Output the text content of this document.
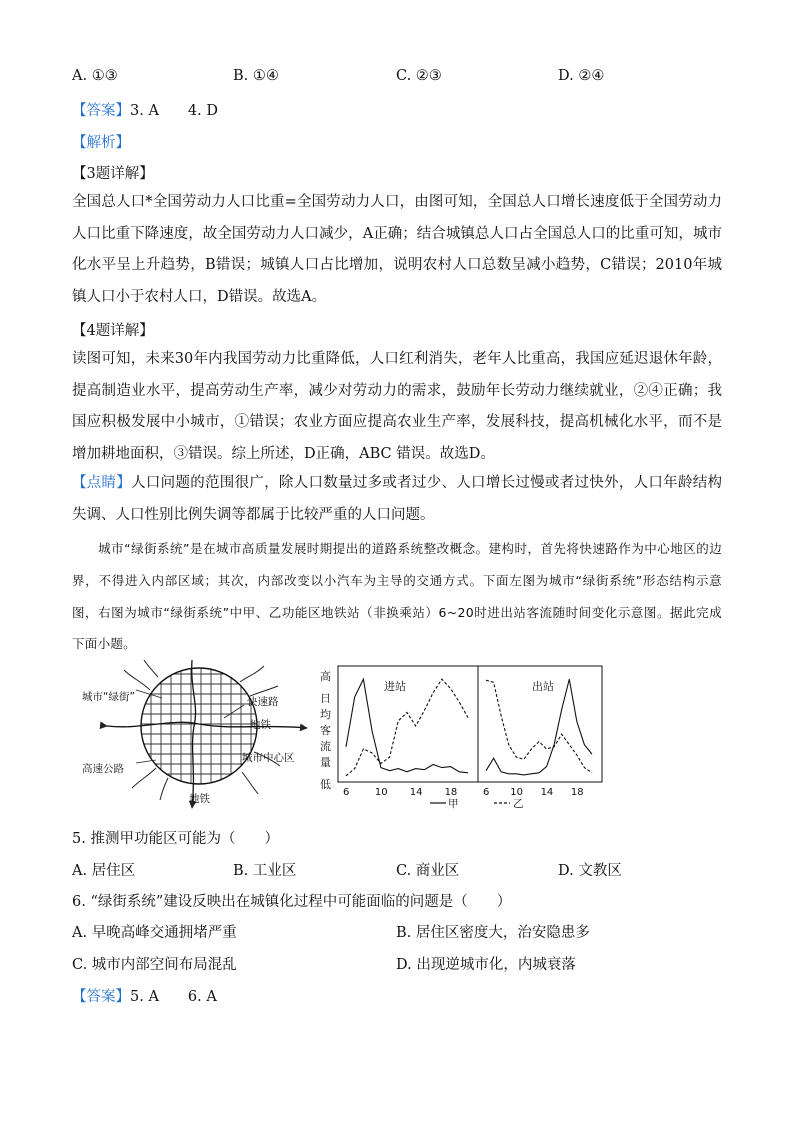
A. ①③	B. ①④	C. ②③	D. ②④
【答案】3. A　　4. D
【解析】
【3题详解】
全国总人口*全国劳动力人口比重=全国劳动力人口，由图可知，全国总人口增长速度低于全国劳动力人口比重下降速度，故全国劳动力人口减少，A正确；结合城镇总人口占全国总人口的比重可知，城市化水平呈上升趋势，B错误；城镇人口占比增加，说明农村人口总数呈减小趋势，C错误；2010年城镇人口小于农村人口，D错误。故选A。
【4题详解】
读图可知，未来30年内我国劳动力比重降低，人口红利消失，老年人比重高，我国应延迟退休年龄，提高制造业水平，提高劳动生产率，减少对劳动力的需求，鼓励年长劳动力继续就业，②④正确；我国应积极发展中小城市，①错误；农业方面应提高农业生产率，发展科技，提高机械化水平，而不是增加耕地面积，③错误。综上所述，D正确，ABC 错误。故选D。
【点睛】人口问题的范围很广，除人口数量过多或者过少、人口增长过慢或者过快外，人口年龄结构失调、人口性别比例失调等都属于比较严重的人口问题。
城市“绿街系统”是在城市高质量发展时期提出的道路系统整改概念。建构时，首先将快速路作为中心地区的边界，不得进入内部区域；其次，内部改变以小汽车为主导的交通方式。下面左图为城市“绿街系统”形态结构示意图，右图为城市“绿街系统”中甲、乙功能区地铁站（非换乘站）6~20时进出站客流随时间变化示意图。据此完成下面小题。
城市“绿街”	快速路
地铁
城市中心区
高速公路
地铁
高
日
均
客
流
量
低
进站
6	10 14 18
出站
6 10 14 18
甲	乙
5. 推测甲功能区可能为（　　）
A. 居住区	B. 工业区	C. 商业区	D. 文教区
6. “绿街系统”建设反映出在城镇化过程中可能面临的问题是（　　）
A. 早晚高峰交通拥堵严重	B. 居住区密度大，治安隐患多
C. 城市内部空间布局混乱	D. 出现逆城市化，内城衰落
【答案】5. A　　6. A
